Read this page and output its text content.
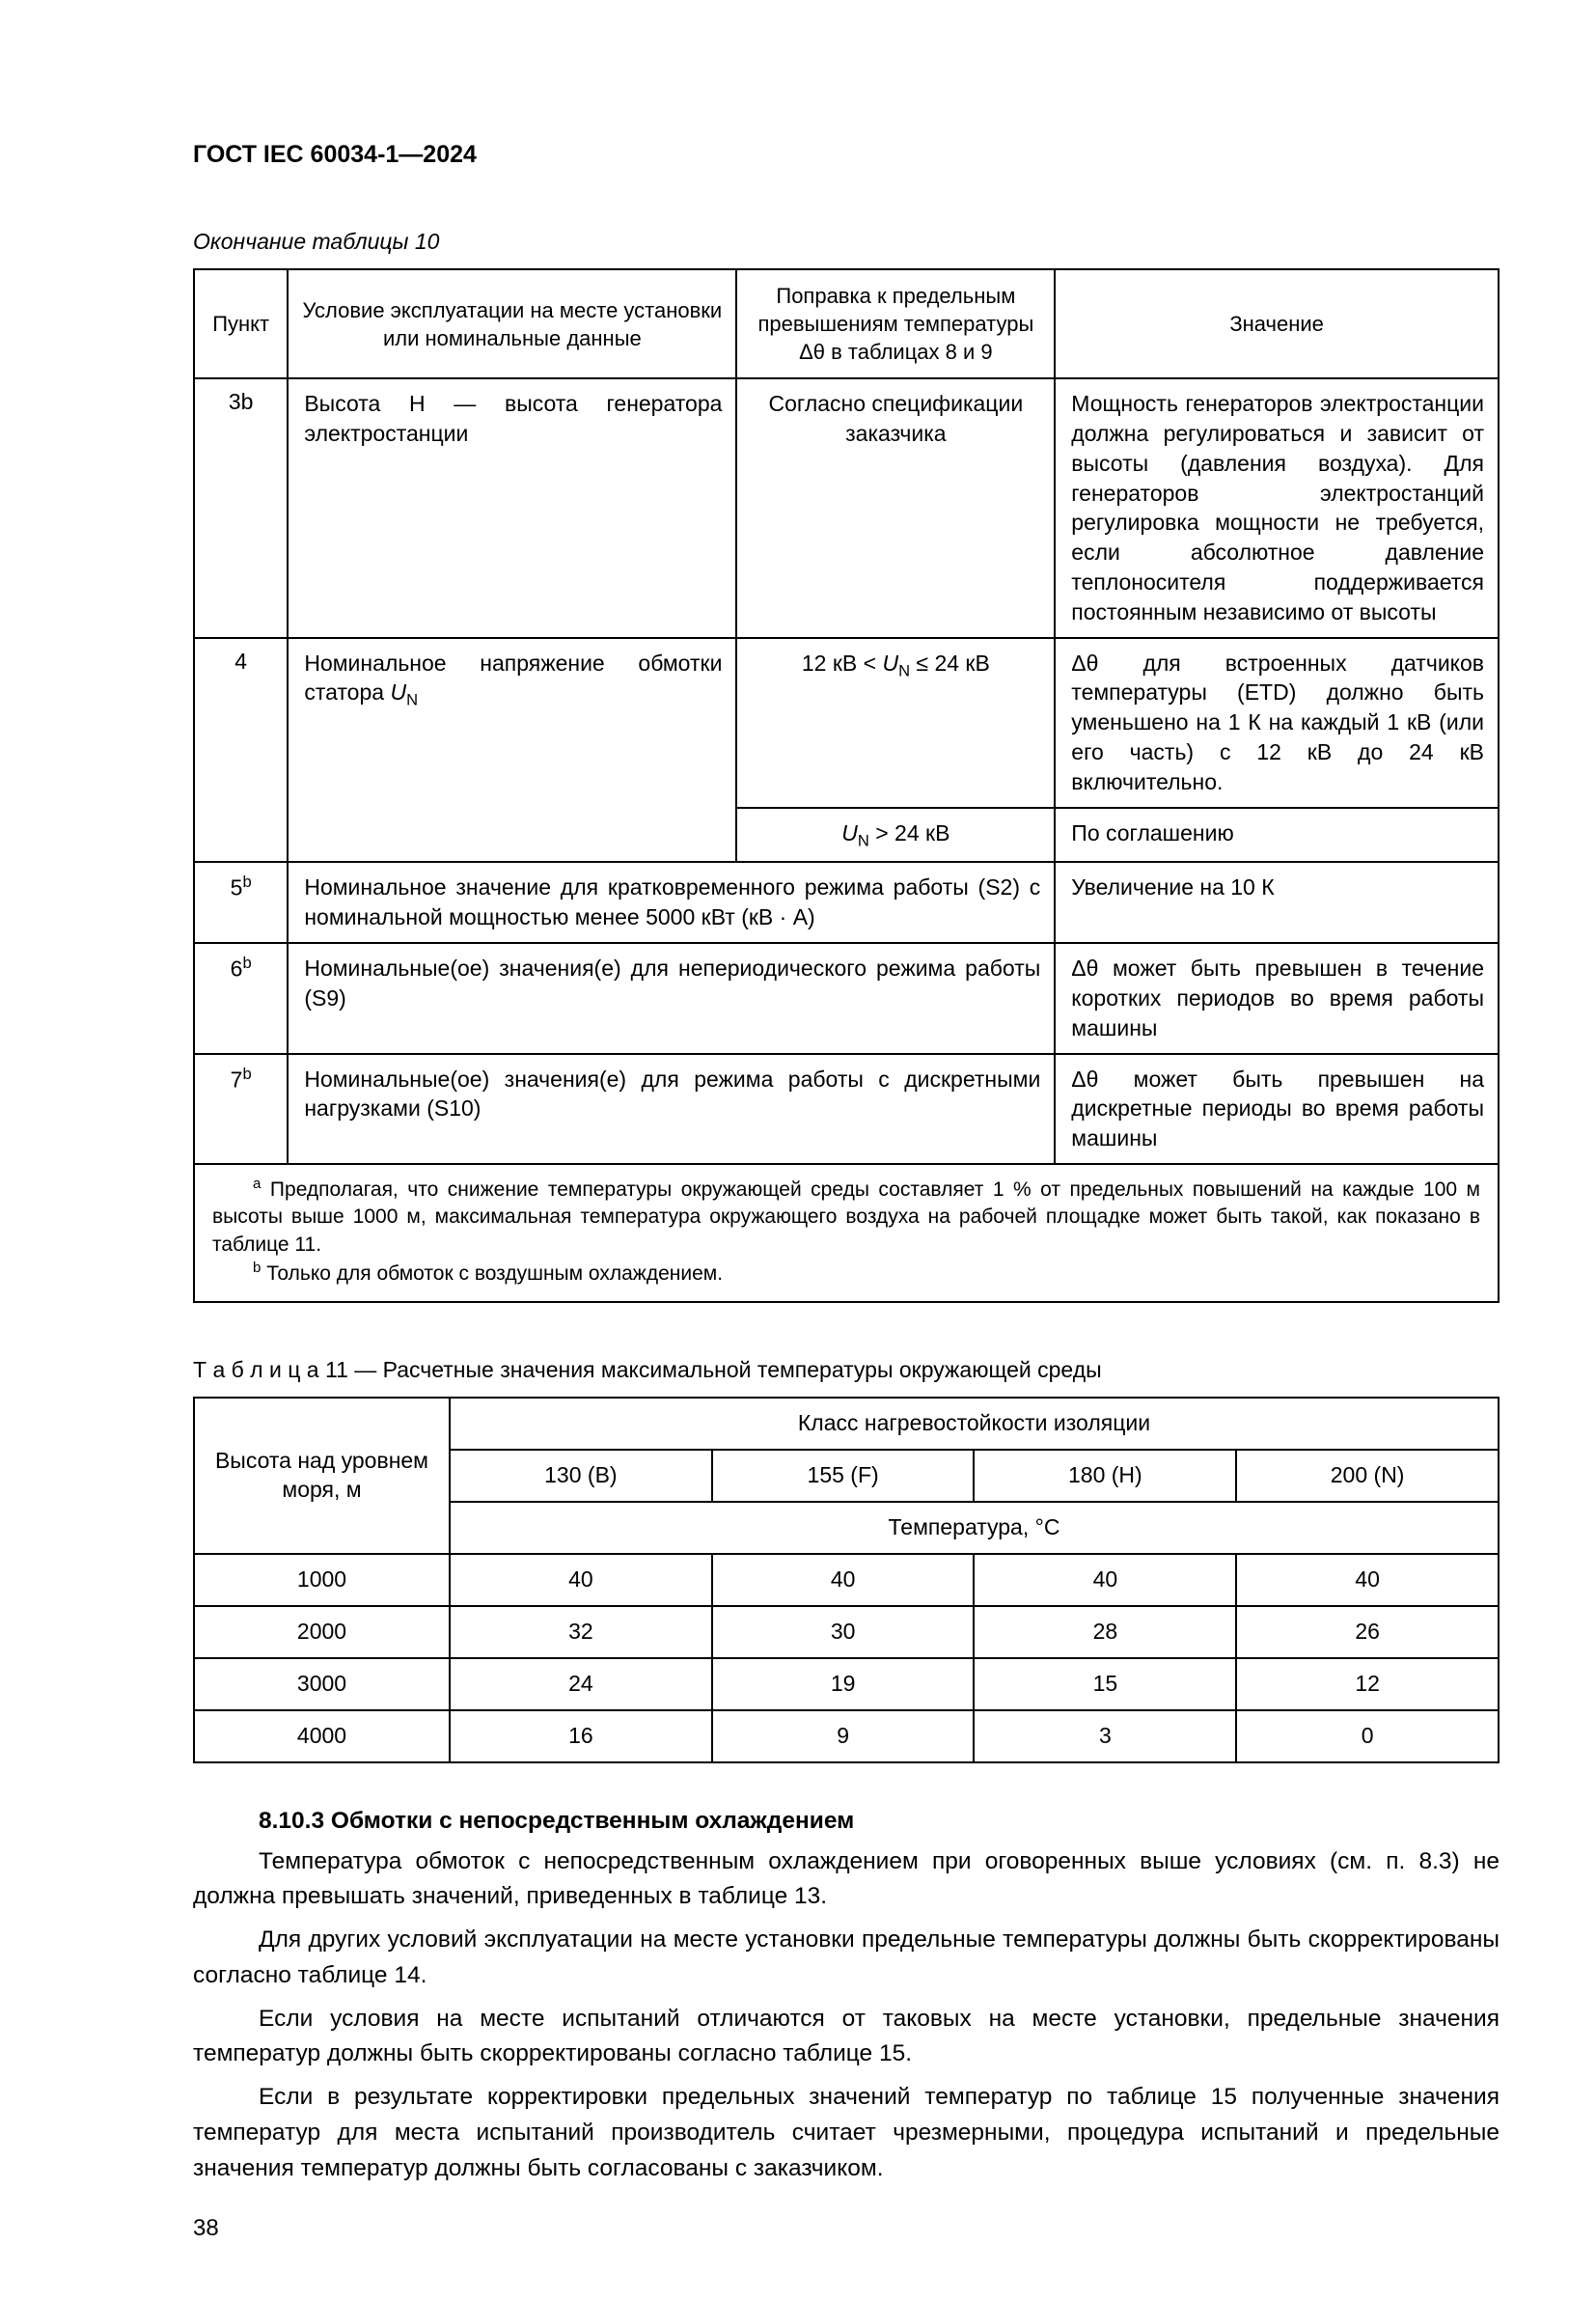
ГОСТ IEC 60034-1—2024
Окончание таблицы 10
Пункт	Условие эксплуатации на месте установки или номинальные данные	Поправка к предельным превышениям температуры Δθ в таблицах 8 и 9	Значение
3b	Высота Н — высота генератора электростанции	Согласно спецификации заказчика	Мощность генераторов электростанции должна регулироваться и зависит от высоты (давления воздуха). Для генераторов электростанций регулировка мощности не требуется, если абсолютное давление теплоносителя поддерживается постоянным независимо от высоты
4	Номинальное напряжение обмотки статора $U_N$	12 кВ < $U_N \le 24$ кВ	Δθ для встроенных датчиков температуры (ETD) должно быть уменьшено на 1 К на каждый 1 кВ (или его часть) с 12 кВ до 24 кВ включительно.
		$U_N > 24$ кВ	По соглашению
5$^b$	Номинальное значение для кратковременного режима работы (S2) с номинальной мощностью менее 5000 кВт (кВ · А)		Увеличение на 10 К
6$^b$	Номинальные(ое) значения(е) для непериодического режима работы (S9)		Δθ может быть превышен в течение коротких периодов во время работы машины
7$^b$	Номинальные(ое) значения(е) для режима работы с дискретными нагрузками (S10)		Δθ может быть превышен на дискретные периоды во время работы машины

$^a$ Предполагая, что снижение температуры окружающей среды составляет 1 % от предельных повышений на каждые 100 м высоты выше 1000 м, максимальная температура окружающего воздуха на рабочей площадке может быть такой, как показано в таблице 11.

$^b$ Только для обмоток с воздушным охлаждением.			

Т а б л и ц а 11 — Расчетные значения максимальной температуры окружающей среды
Высота над уровнем моря, м	Класс нагревостойкости изоляции			
	130 (B)	155 (F)	180 (H)	200 (N)
	Температура, °С			
1000	40	40	40	40
2000	32	30	28	26
3000	24	19	15	12
4000	16	9	3	0
8.10.3 Обмотки с непосредственным охлаждением

Температура обмоток с непосредственным охлаждением при оговоренных выше условиях (см. п. 8.3) не должна превышать значений, приведенных в таблице 13.

Для других условий эксплуатации на месте установки предельные температуры должны быть скорректированы согласно таблице 14.

Если условия на месте испытаний отличаются от таковых на месте установки, предельные значения температур должны быть скорректированы согласно таблице 15.

Если в результате корректировки предельных значений температур по таблице 15 полученные значения температур для места испытаний производитель считает чрезмерными, процедура испытаний и предельные значения температур должны быть согласованы с заказчиком.

38
